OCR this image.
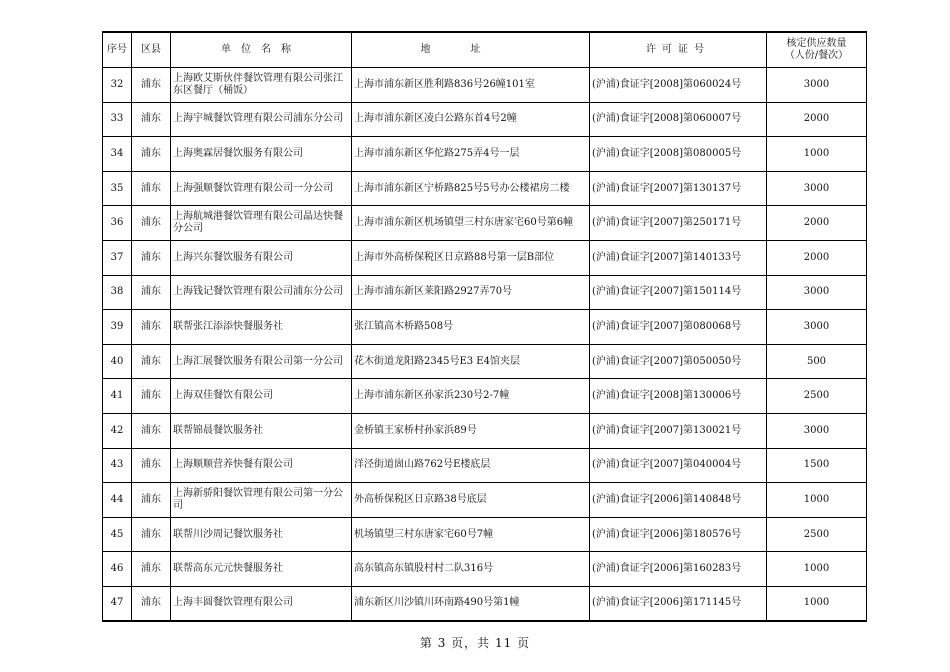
序号	区县	单位名称	地址	许可证号	核定供应数量
（人份/餐次）

32	浦东	上海欧艾斯伙伴餐饮管理有限公司张江东区餐厅（桶饭）	上海市浦东新区胜利路836号26幢101室	(沪浦)食证字[2008]第060024号	3000
33	浦东	上海宇城餐饮管理有限公司浦东分公司	上海市浦东新区凌白公路东首4号2幢	(沪浦)食证字[2008]第060007号	2000
34	浦东	上海奥霖居餐饮服务有限公司	上海市浦东新区华佗路275弄4号一层	(沪浦)食证字[2008]第080005号	1000
35	浦东	上海强顺餐饮管理有限公司一分公司	上海市浦东新区宁桥路825号5号办公楼裙房二楼	(沪浦)食证字[2007]第130137号	3000
36	浦东	上海航城港餐饮管理有限公司晶达快餐分公司	上海市浦东新区机场镇望三村东唐家宅60号第6幢	(沪浦)食证字[2007]第250171号	2000
37	浦东	上海兴东餐饮服务有限公司	上海市外高桥保税区日京路88号第一层B部位	(沪浦)食证字[2007]第140133号	2000
38	浦东	上海钱记餐饮管理有限公司浦东分公司	上海市浦东新区莱阳路2927弄70号	(沪浦)食证字[2007]第150114号	3000
39	浦东	联帮张江添添快餐服务社	张江镇高木桥路508号	(沪浦)食证字[2007]第080068号	3000
40	浦东	上海汇展餐饮服务有限公司第一分公司	花木街道龙阳路2345号E3 E4馆夹层	(沪浦)食证字[2007]第050050号	500
41	浦东	上海双佳餐饮有限公司	上海市浦东新区孙家浜230号2-7幢	(沪浦)食证字[2008]第130006号	2500
42	浦东	联帮锦晨餐饮服务社	金桥镇王家桥村孙家浜89号	(沪浦)食证字[2007]第130021号	3000
43	浦东	上海顺顺营养快餐有限公司	洋泾街道崮山路762号E楼底层	(沪浦)食证字[2007]第040004号	1500
44	浦东	上海新骄阳餐饮管理有限公司第一分公司	外高桥保税区日京路38号底层	(沪浦)食证字[2006]第140848号	1000
45	浦东	联帮川沙周记餐饮服务社	机场镇望三村东唐家宅60号7幢	(沪浦)食证字[2006]第180576号	2500
46	浦东	联帮高东元元快餐服务社	高东镇高东镇股村村二队316号	(沪浦)食证字[2006]第160283号	1000
47	浦东	上海丰圆餐饮管理有限公司	浦东新区川沙镇川环南路490号第1幢	(沪浦)食证字[2006]第171145号	1000
第 3 页，共 11 页
